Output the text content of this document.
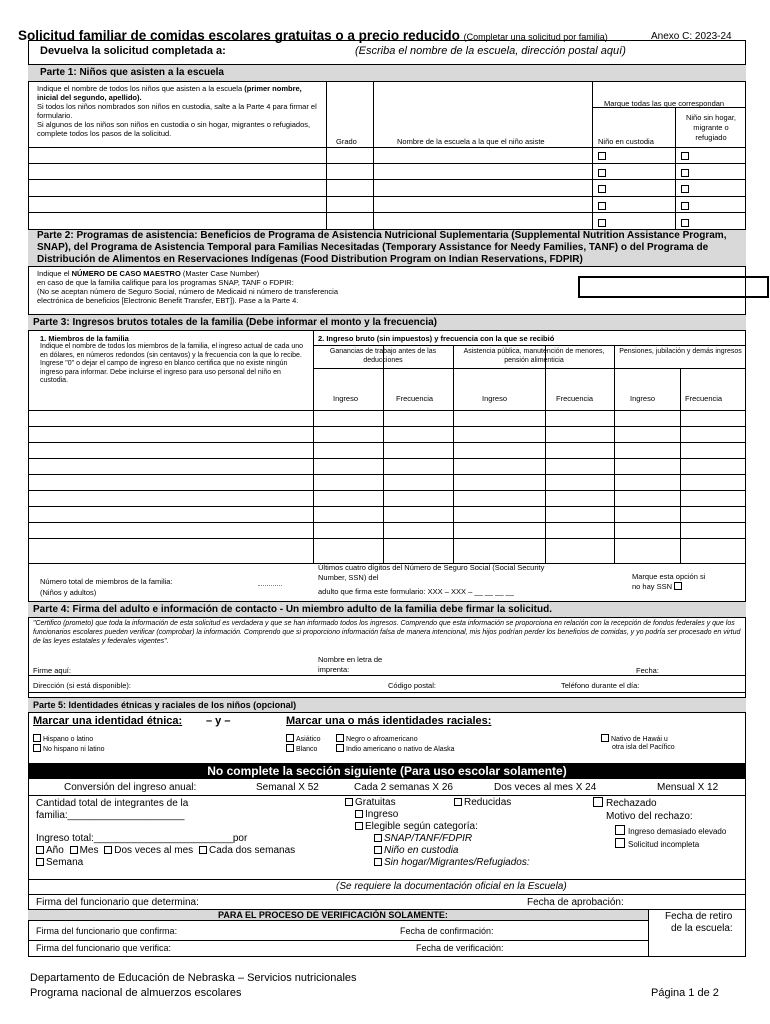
Solicitud familiar de comidas escolares gratuitas o a precio reducido (Completar una solicitud por familia)	Anexo C: 2023-24
Devuelva la solicitud completada a:	(Escriba el nombre de la escuela, dirección postal aquí)
Parte 1: Niños que asisten a la escuela
Indique el nombre de todos los niños que asisten a la escuela (primer nombre, inicial del segundo, apellido).
Si todos los niños nombrados son niños en custodia, salte a la Parte 4 para firmar el formulario.
Si algunos de los niños son niños en custodia o sin hogar, migrantes o refugiados, complete todos los pasos de la solicitud.
Grado	Nombre de la escuela a la que el niño asiste
Marque todas las que correspondan
Niño en custodia
Niño sin hogar, migrante o refugiado
Parte 2: Programas de asistencia: Beneficios de Programa de Asistencia Nutricional Suplementaria (Supplemental Nutrition Assistance Program, SNAP), del Programa de Asistencia Temporal para Familias Necesitadas (Temporary Assistance for Needy Families, TANF) o del Programa de Distribución de Alimentos en Reservaciones Indígenas (Food Distribution Program on Indian Reservations, FDPIR)
Indique el NÚMERO DE CASO MAESTRO (Master Case Number)
en caso de que la familia califique para los programas SNAP, TANF o FDPIR:
(No se aceptan número de Seguro Social, número de Medicaid ni número de transferencia
electrónica de beneficios [Electronic Benefit Transfer, EBT]). Pase a la Parte 4.
Parte 3: Ingresos brutos totales de la familia (Debe informar el monto y la frecuencia)
1. Miembros de la familia
Indique el nombre de todos los miembros de la familia, el ingreso actual de cada uno en dólares, en números redondos (sin centavos) y la frecuencia con la que lo recibe. Ingrese "0" o dejar el campo de ingreso en blanco certifica que no existe ningún ingreso para informar. Debe incluirse el ingreso para uso personal del niño en custodia.
2. Ingreso bruto (sin impuestos) y frecuencia con la que se recibió
Ganancias de trabajo antes de las deducciones
Asistencia pública, manutención de menores, pensión alimenticia
Pensiones, jubilación y demás ingresos
Ingreso	Frecuencia	Ingreso	Frecuencia	Ingreso	Frecuencia
Número total de miembros de la familia:
(Niños y adultos)
Últimos cuatro dígitos del Número de Seguro Social (Social Security
Number, SSN) del
adulto que firma este formulario: XXX – XXX – __ __ __ __
Marque esta opción si
no hay SSN
Parte 4: Firma del adulto e información de contacto - Un miembro adulto de la familia debe firmar la solicitud.
"Certifico (prometo) que toda la información de esta solicitud es verdadera y que se han informado todos los ingresos. Comprendo que esta información se proporciona en relación con la recepción de fondos federales y que los funcionarios escolares pueden verificar (comprobar) la información. Comprendo que si proporciono información falsa de manera intencional, mis hijos podrían perder los beneficios de comidas, y yo podría ser procesado en virtud de las leyes estatales y federales vigentes".
Nombre en letra de
imprenta:
Firme aquí:	Fecha:
Dirección (si está disponible):	Código postal:	Teléfono durante el día:
Parte 5: Identidades étnicas y raciales de los niños (opcional)
Marcar una identidad étnica: – y –	Marcar una o más identidades raciales:
Hispano o latino
No hispano ni latino
Asiático
Blanco
Negro o afroamericano
Indio americano o nativo de Alaska
Nativo de Hawái u
otra isla del Pacífico
No complete la sección siguiente (Para uso escolar solamente)
Conversión del ingreso anual:	Semanal X 52	Cada 2 semanas X 26	Dos veces al mes X 24	Mensual X 12
Cantidad total de integrantes de la
familia:_____________________
Ingreso total:_________________________por
Año Mes Dos veces al mes Cada dos semanas
Semana
Gratuitas	Reducidas
Ingreso
Elegible según categoría:
SNAP/TANF/FDPIR
Niño en custodia
Sin hogar/Migrantes/Refugiados:
Rechazado
Motivo del rechazo:
Ingreso demasiado elevado
Solicitud incompleta
(Se requiere la documentación oficial en la Escuela)
Firma del funcionario que determina:	Fecha de aprobación:
PARA EL PROCESO DE VERIFICACIÓN SOLAMENTE:	Fecha de retiro
de la escuela:
Firma del funcionario que confirma:	Fecha de confirmación:
Firma del funcionario que verifica:	Fecha de verificación:
Departamento de Educación de Nebraska – Servicios nutricionales
Programa nacional de almuerzos escolares	Página 1 de 2
